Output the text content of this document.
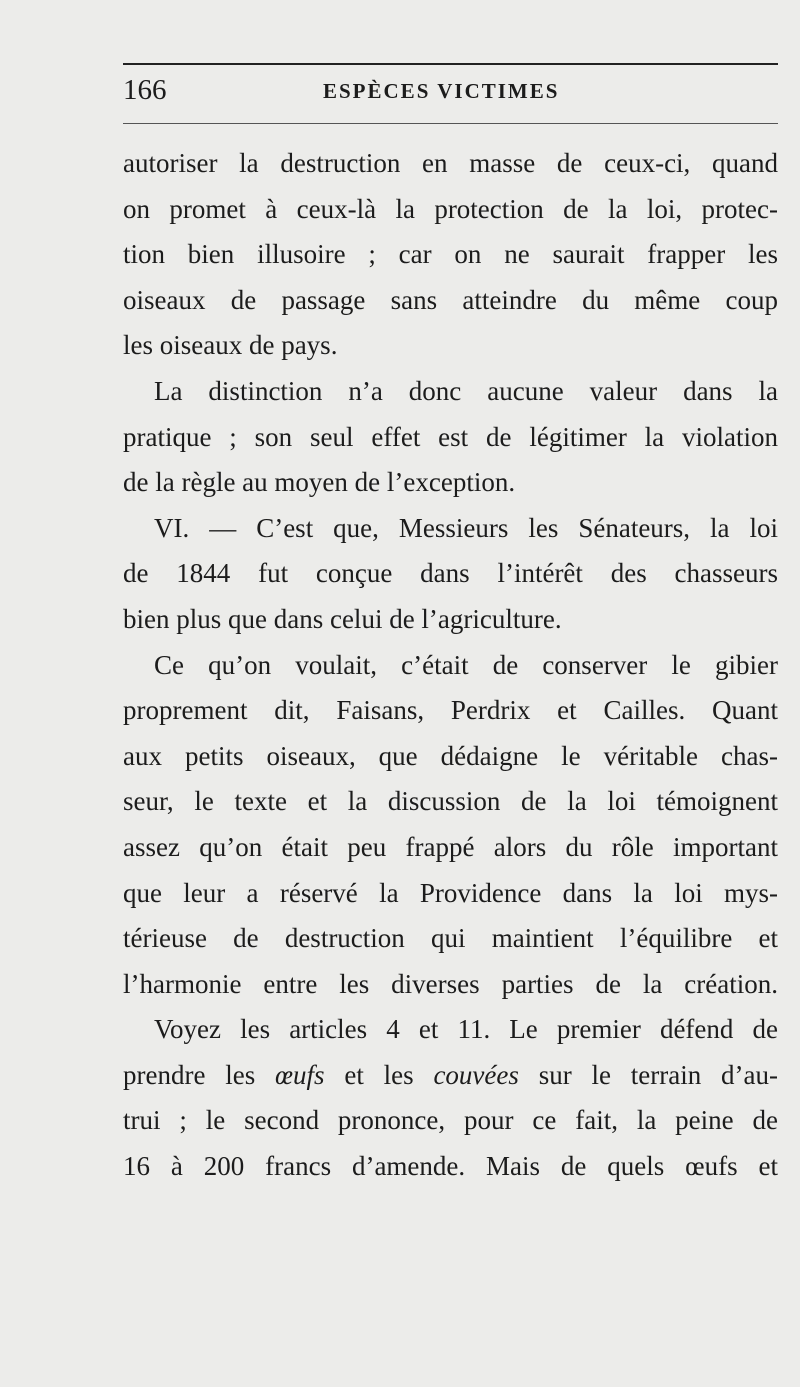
166	ESPÈCES VICTIMES
autoriser la destruction en masse de ceux-ci, quand
on promet à ceux-là la protection de la loi, protec-
tion bien illusoire ; car on ne saurait frapper les
oiseaux de passage sans atteindre du même coup
les oiseaux de pays.
La distinction n’a donc aucune valeur dans la
pratique ; son seul effet est de légitimer la violation
de la règle au moyen de l’exception.
VI. — C’est que, Messieurs les Sénateurs, la loi
de 1844 fut conçue dans l’intérêt des chasseurs
bien plus que dans celui de l’agriculture.
Ce qu’on voulait, c’était de conserver le gibier
proprement dit, Faisans, Perdrix et Cailles. Quant
aux petits oiseaux, que dédaigne le véritable chas-
seur, le texte et la discussion de la loi témoignent
assez qu’on était peu frappé alors du rôle important
que leur a réservé la Providence dans la loi mys-
térieuse de destruction qui maintient l’équilibre et
l’harmonie entre les diverses parties de la création.
Voyez les articles 4 et 11. Le premier défend de
prendre les œufs et les couvées sur le terrain d’au-
trui ; le second prononce, pour ce fait, la peine de
16 à 200 francs d’amende. Mais de quels œufs et
